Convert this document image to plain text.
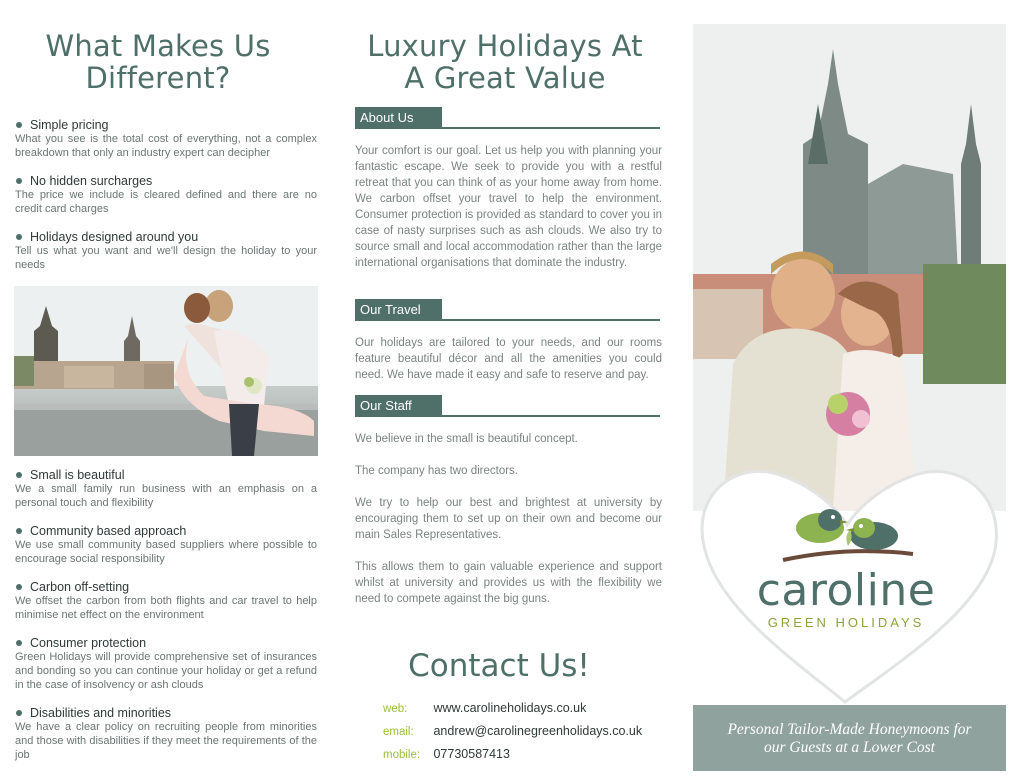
What Makes Us
Different?
Simple pricing
What you see is the total cost of everything, not a complex breakdown that only an industry expert can decipher
No hidden surcharges
The price we include is cleared defined and there are no credit card charges
Holidays designed around you
Tell us what you want and we'll design the holiday to your needs
Small is beautiful
We a small family run business with an emphasis on a personal touch and flexibility
Community based approach
We use small community based suppliers where possible to encourage social responsibility
Carbon off-setting
We offset the carbon from both flights and car travel to help minimise net effect on the environment
Consumer protection
Green Holidays will provide comprehensive set of insurances and bonding so you can continue your holiday or get a refund in the case of insolvency or ash clouds
Disabilities and minorities
We have a clear policy on recruiting people from minorities and those with disabilities if they meet the requirements of the job
Luxury Holidays At
A Great Value
About Us
Your comfort is our goal. Let us help you with planning your fantastic escape. We seek to provide you with a restful retreat that you can think of as your home away from home. We carbon offset your travel to help the environment. Consumer protection is provided as standard to cover you in case of nasty surprises such as ash clouds. We also try to source small and local accommodation rather than the large international organisations that dominate the industry.
Our Travel
Our holidays are tailored to your needs, and our rooms feature beautiful décor and all the amenities you could need. We have made it easy and safe to reserve and pay.
Our Staff
We believe in the small is beautiful concept.
The company has two directors.
We try to help our best and brightest at university by encouraging them to set up on their own and become our main Sales Representatives.
This allows them to gain valuable experience and support whilst at university and provides us with the flexibility we need to compete against the big guns.
Contact Us!
web: www.carolineholidays.co.uk
email: andrew@carolinegreenholidays.co.uk
mobile: 07730587413
caroline
GREEN HOLIDAYS
Personal Tailor-Made Honeymoons for
our Guests at a Lower Cost
